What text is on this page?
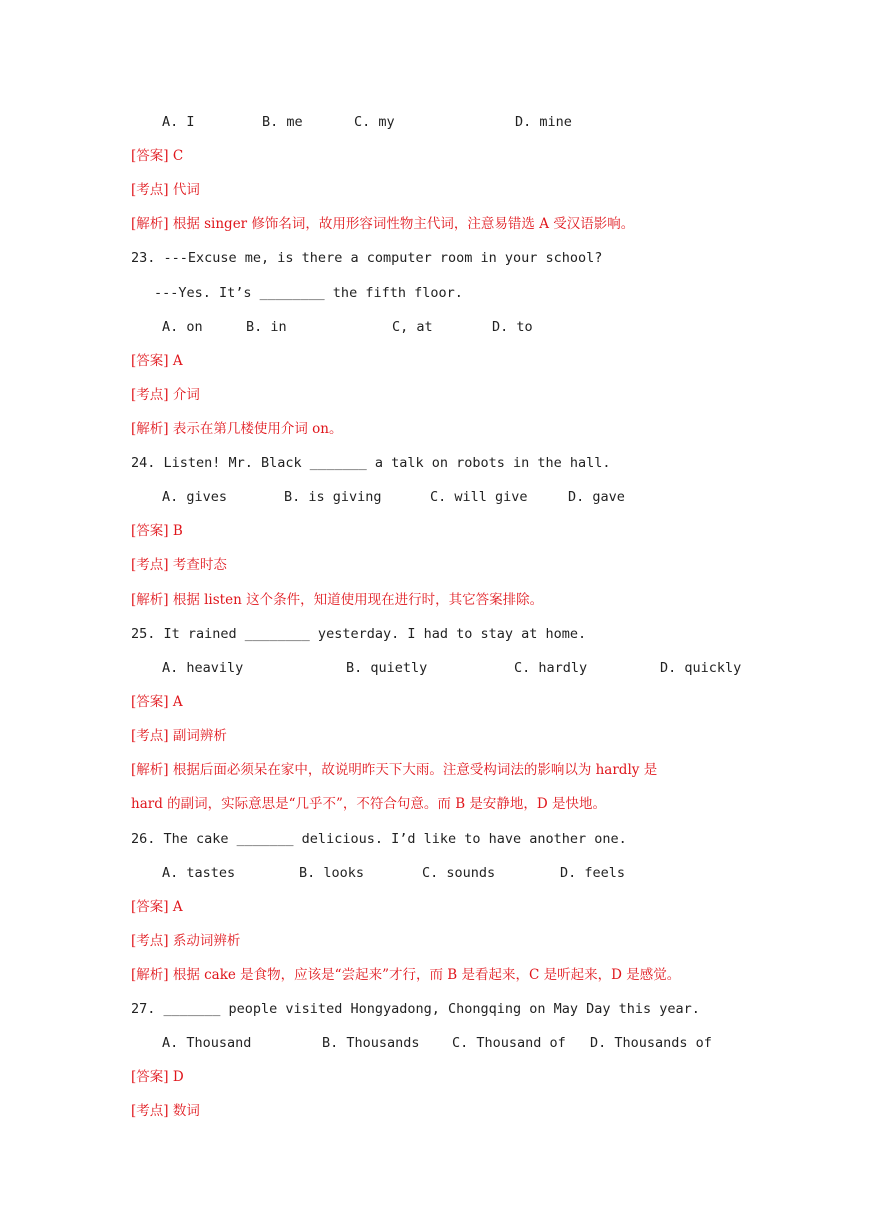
A. I	B. me	C. my	D. mine
[答案] C
[考点] 代词
[解析] 根据 singer 修饰名词，故用形容词性物主代词，注意易错选 A 受汉语影响。
23. ---Excuse me, is there a computer room in your school?
---Yes. It’s ________ the fifth floor.
A. on	B. in	C, at	D. to
[答案] A
[考点] 介词
[解析] 表示在第几楼使用介词 on。
24. Listen! Mr. Black _______ a talk on robots in the hall.
A. gives	B. is giving	C. will give	D. gave
[答案] B
[考点] 考查时态
[解析] 根据 listen 这个条件，知道使用现在进行时，其它答案排除。
25. It rained ________ yesterday. I had to stay at home.
A. heavily	B. quietly	C. hardly	D. quickly
[答案] A
[考点] 副词辨析
[解析] 根据后面必须呆在家中，故说明昨天下大雨。注意受构词法的影响以为 hardly 是
hard 的副词，实际意思是“几乎不”，不符合句意。而 B 是安静地，D 是快地。
26. The cake _______ delicious. I’d like to have another one.
A. tastes	B. looks	C. sounds	D. feels
[答案] A
[考点] 系动词辨析
[解析] 根据 cake 是食物，应该是“尝起来”才行，而 B 是看起来，C 是听起来，D 是感觉。
27. _______ people visited Hongyadong, Chongqing on May Day this year.
A. Thousand	B. Thousands C. Thousand of D. Thousands of
[答案] D
[考点] 数词
